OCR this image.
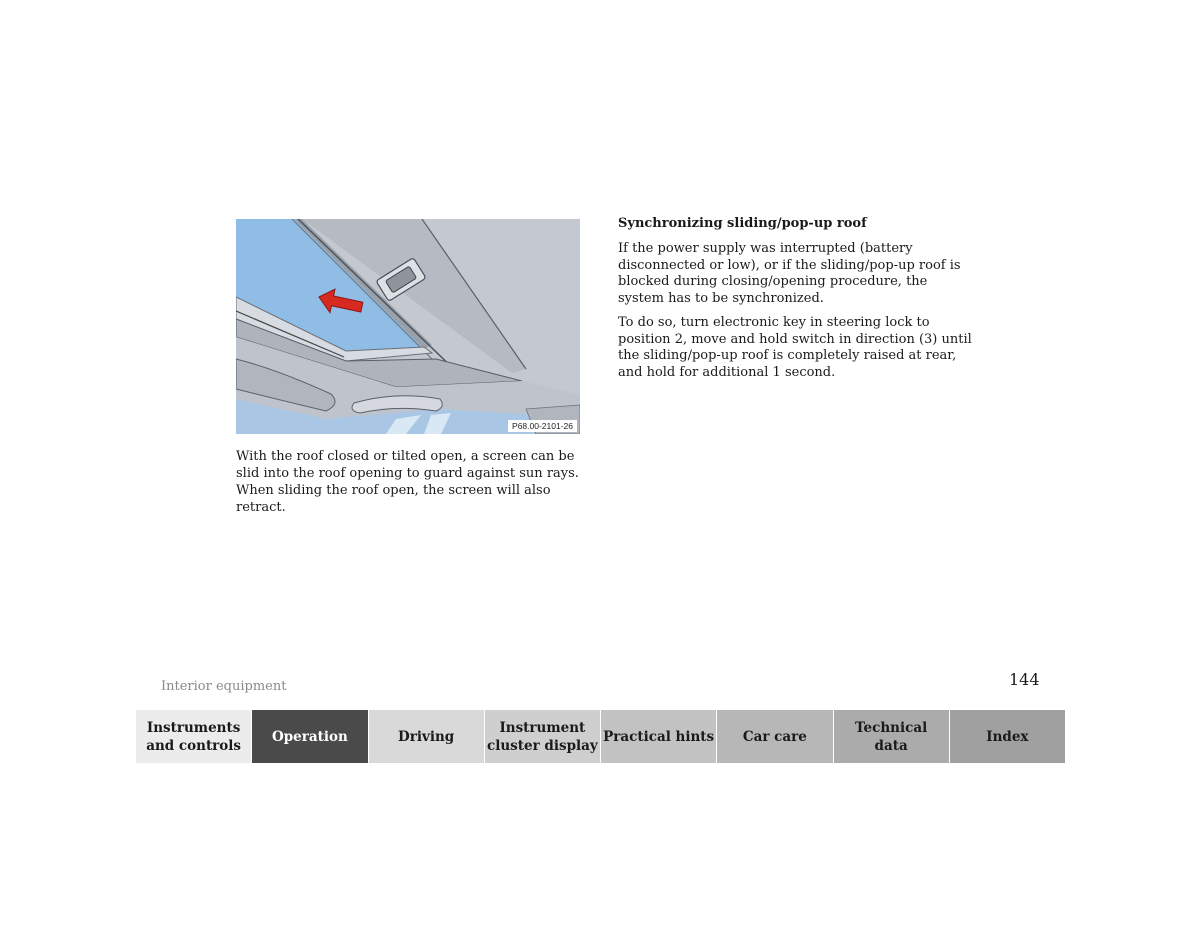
P68.00-2101-26

With the roof closed or tilted open, a screen can be slid into the roof opening to guard against sun rays. When sliding the roof open, the screen will also retract.

Synchronizing sliding/pop-up roof

If the power supply was interrupted (battery disconnected or low), or if the sliding/pop-up roof is blocked during closing/opening procedure, the system has to be synchronized.

To do so, turn electronic key in steering lock to position 2, move and hold switch in direction (3) until the sliding/pop-up roof is completely raised at rear, and hold for additional 1 second.

Interior equipment	144
Instruments
and controls
Operation	Driving
Instrument
cluster display
Practical hints Car care
Technical
data
Index
